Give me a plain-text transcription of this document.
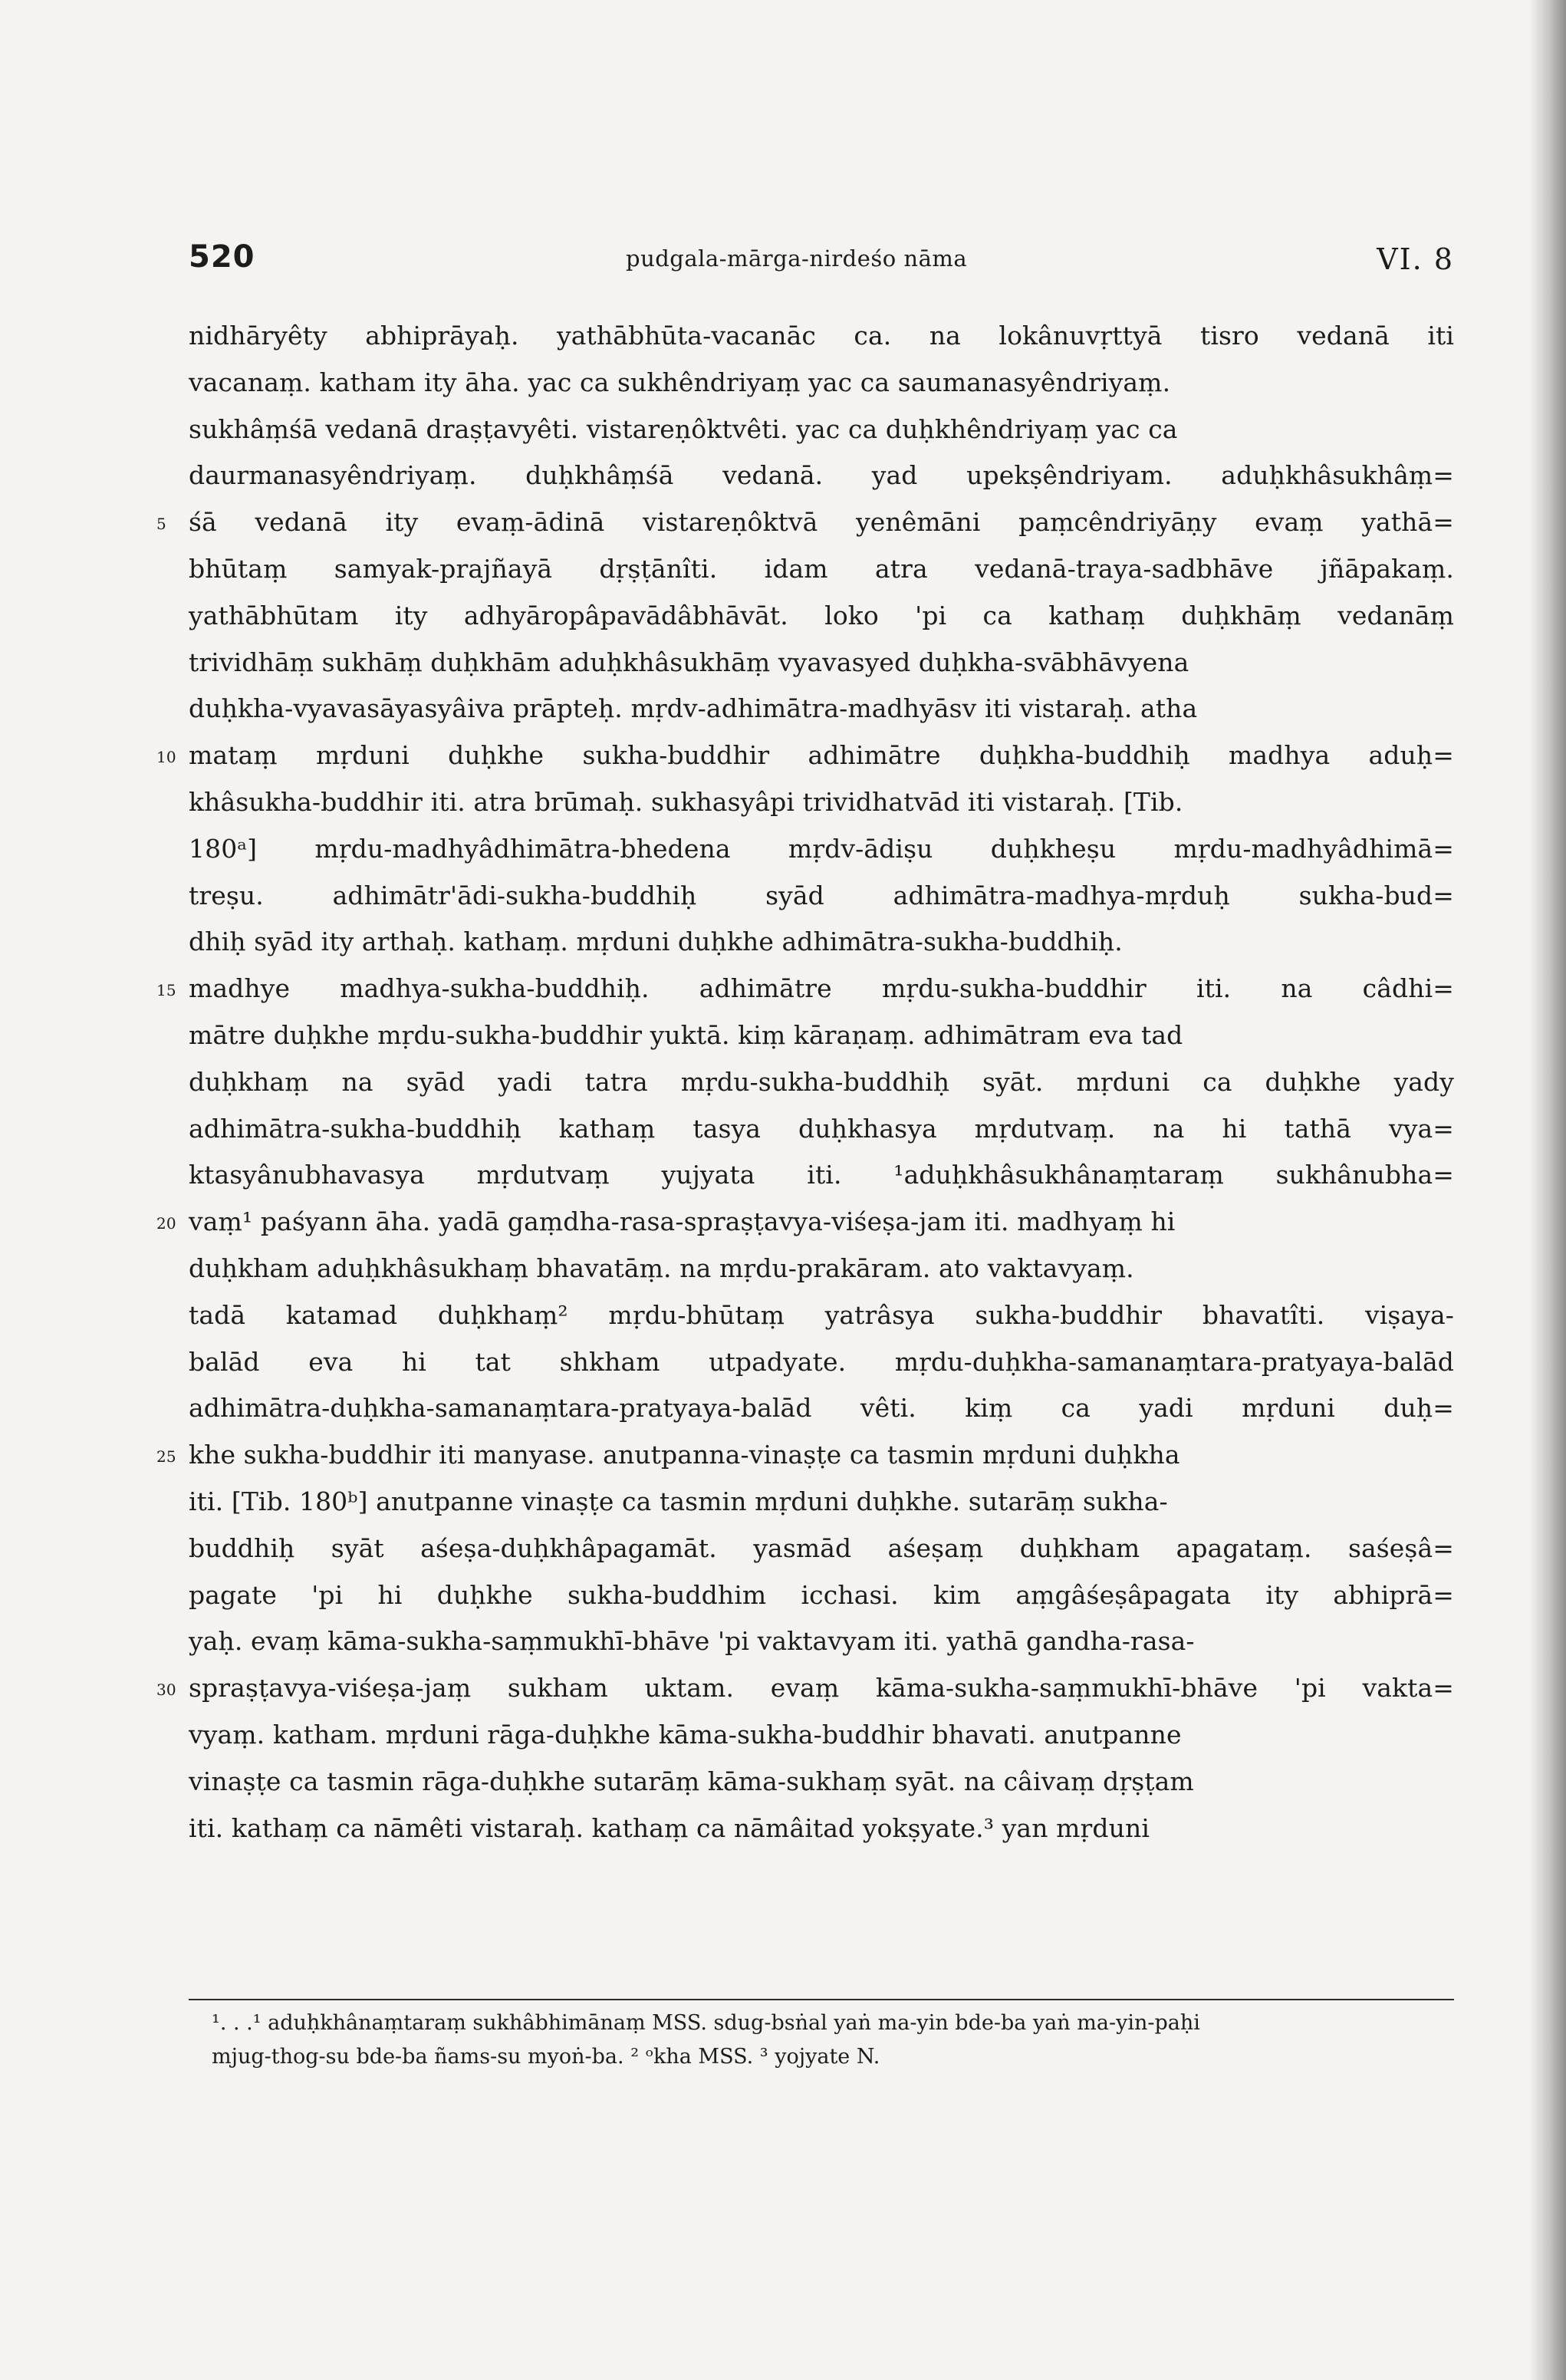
520	pudgala-mārga-nirdeśo nāma	VI. 8
nidhāryêty abhiprāyaḥ. yathābhūta-vacanāc ca. na lokânuvṛttyā tisro vedanā iti
vacanaṃ. katham ity āha. yac ca sukhêndriyaṃ yac ca saumanasyêndriyaṃ.
sukhâṃśā vedanā draṣṭavyêti. vistareṇôktvêti. yac ca duḥkhêndriyaṃ yac ca
daurmanasyêndriyaṃ. duḥkhâṃśā vedanā. yad upekṣêndriyam. aduḥkhâsukhâṃ=
5 śā vedanā ity evaṃ-ādinā vistareṇôktvā yenêmāni paṃcêndriyāṇy evaṃ yathā=
bhūtaṃ samyak-prajñayā dṛṣṭānîti. idam atra vedanā-traya-sadbhāve jñāpakaṃ.
yathābhūtam ity adhyāropâpavādâbhāvāt. loko 'pi ca kathaṃ duḥkhāṃ vedanāṃ
trividhāṃ sukhāṃ duḥkhām aduḥkhâsukhāṃ vyavasyed duḥkha-svābhāvyena
duḥkha-vyavasāyasyâiva prāpteḥ. mṛdv-adhimātra-madhyāsv iti vistaraḥ. atha
10 mataṃ mṛduni duḥkhe sukha-buddhir adhimātre duḥkha-buddhiḥ madhya aduḥ=
khâsukha-buddhir iti. atra brūmaḥ. sukhasyâpi trividhatvād iti vistaraḥ. [Tib.
180ᵃ] mṛdu-madhyâdhimātra-bhedena mṛdv-ādiṣu duḥkheṣu mṛdu-madhyâdhimā=
treṣu. adhimātr'ādi-sukha-buddhiḥ syād adhimātra-madhya-mṛduḥ sukha-bud=
dhiḥ syād ity arthaḥ. kathaṃ. mṛduni duḥkhe adhimātra-sukha-buddhiḥ.
15 madhye madhya-sukha-buddhiḥ. adhimātre mṛdu-sukha-buddhir iti. na câdhi=
mātre duḥkhe mṛdu-sukha-buddhir yuktā. kiṃ kāraṇaṃ. adhimātram eva tad
duḥkhaṃ na syād yadi tatra mṛdu-sukha-buddhiḥ syāt. mṛduni ca duḥkhe yady
adhimātra-sukha-buddhiḥ kathaṃ tasya duḥkhasya mṛdutvaṃ. na hi tathā vya=
ktasyânubhavasya mṛdutvaṃ yujyata iti. ¹aduḥkhâsukhânaṃtaraṃ sukhânubha=
20 vaṃ¹ paśyann āha. yadā gaṃdha-rasa-spraṣṭavya-viśeṣa-jam iti. madhyaṃ hi
duḥkham aduḥkhâsukhaṃ bhavatāṃ. na mṛdu-prakāram. ato vaktavyaṃ.
tadā katamad duḥkhaṃ² mṛdu-bhūtaṃ yatrâsya sukha-buddhir bhavatîti. viṣaya-
balād eva hi tat shkham utpadyate. mṛdu-duḥkha-samanaṃtara-pratyaya-balād
adhimātra-duḥkha-samanaṃtara-pratyaya-balād vêti. kiṃ ca yadi mṛduni duḥ=
25 khe sukha-buddhir iti manyase. anutpanna-vinaṣṭe ca tasmin mṛduni duḥkha
iti. [Tib. 180ᵇ] anutpanne vinaṣṭe ca tasmin mṛduni duḥkhe. sutarāṃ sukha-
buddhiḥ syāt aśeṣa-duḥkhâpagamāt. yasmād aśeṣaṃ duḥkham apagataṃ. saśeṣâ=
pagate 'pi hi duḥkhe sukha-buddhim icchasi. kim aṃgâśeṣâpagata ity abhiprā=
yaḥ. evaṃ kāma-sukha-saṃmukhī-bhāve 'pi vaktavyam iti. yathā gandha-rasa-
30 spraṣṭavya-viśeṣa-jaṃ sukham uktam. evaṃ kāma-sukha-saṃmukhī-bhāve 'pi vakta=
vyaṃ. katham. mṛduni rāga-duḥkhe kāma-sukha-buddhir bhavati. anutpanne
vinaṣṭe ca tasmin rāga-duḥkhe sutarāṃ kāma-sukhaṃ syāt. na câivaṃ dṛṣṭam
iti. kathaṃ ca nāmêti vistaraḥ. kathaṃ ca nāmâitad yokṣyate.³ yan mṛduni
¹. . .¹ aduḥkhânaṃtaraṃ sukhâbhimānaṃ MSS. sdug-bsṅal yaṅ ma-yin bde-ba yaṅ ma-yin-paḥi
mjug-thog-su bde-ba ñams-su myoṅ-ba. ² ᵒkha MSS. ³ yojyate N.
